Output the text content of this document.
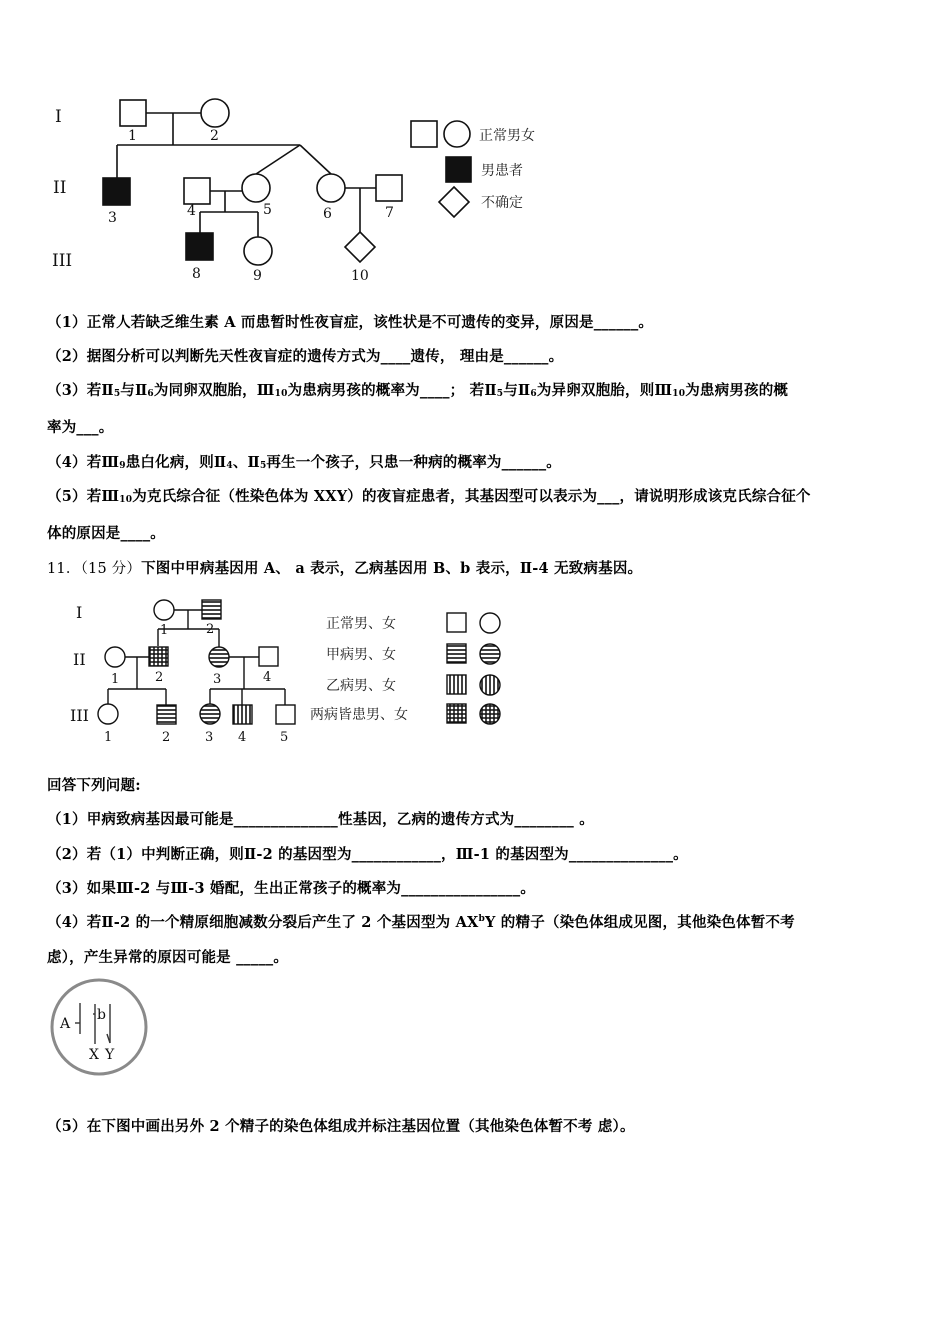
I
II
III
1	2
3	4	5	6	7
8	9	10
正常男女
男患者
不确定
（1）正常人若缺乏维生素 A 而患暂时性夜盲症，该性状是不可遗传的变异，原因是______。
（2）据图分析可以判断先天性夜盲症的遗传方式为____遗传， 理由是______。
（3）若Ⅱ5与Ⅱ6为同卵双胞胎，Ⅲ10为患病男孩的概率为____； 若Ⅱ5与Ⅱ6为异卵双胞胎，则Ⅲ10为患病男孩的概
率为___。
（4）若Ⅲ9患白化病，则Ⅱ4、Ⅱ5再生一个孩子，只患一种病的概率为______。
（5）若Ⅲ10为克氏综合征（性染色体为 XXY）的夜盲症患者，其基因型可以表示为___，请说明形成该克氏综合征个
体的原因是____。
11．（15 分）下图中甲病基因用 A、 a 表示，乙病基因用 B、b 表示，Ⅱ-4 无致病基因。
I
II
III
1	2
1	2	3	4
1	2	3 4	5
正常男、女
甲病男、女
乙病男、女
两病皆患男、女
回答下列问题:
（1）甲病致病基因最可能是______________性基因，乙病的遗传方式为________ 。
（2）若（1）中判断正确，则Ⅱ-2 的基因型为____________，Ⅲ-1 的基因型为______________。
（3）如果Ⅲ-2 与Ⅲ-3 婚配，生出正常孩子的概率为________________。
（4）若Ⅱ-2 的一个精原细胞减数分裂后产生了 2 个基因型为 $AX^bY$ 的精子（染色体组成见图，其他染色体暂不考
虑），产生异常的原因可能是 _____。
A
b
X Y
（5）在下图中画出另外 2 个精子的染色体组成并标注基因位置（其他染色体暂不考 虑）。
